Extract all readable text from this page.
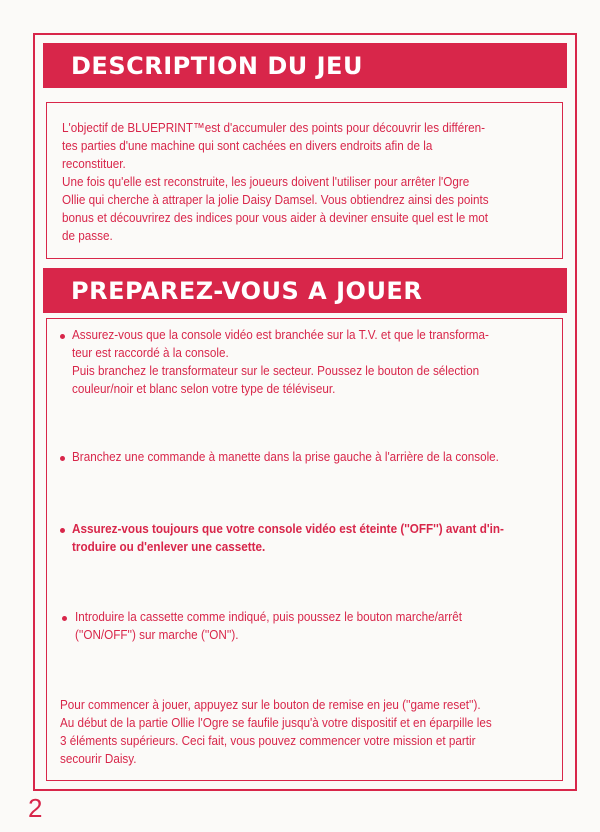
DESCRIPTION DU JEU
L'objectif de BLUEPRINT™est d'accumuler des points pour découvrir les différen-
tes parties d'une machine qui sont cachées en divers endroits afin de la
reconstituer.
Une fois qu'elle est reconstruite, les joueurs doivent l'utiliser pour arrêter l'Ogre
Ollie qui cherche à attraper la jolie Daisy Damsel. Vous obtiendrez ainsi des points
bonus et découvrirez des indices pour vous aider à deviner ensuite quel est le mot
de passe.
PREPAREZ-VOUS A JOUER
Assurez-vous que la console vidéo est branchée sur la T.V. et que le transforma-
teur est raccordé à la console.
Puis branchez le transformateur sur le secteur. Poussez le bouton de sélection
couleur/noir et blanc selon votre type de téléviseur.
Branchez une commande à manette dans la prise gauche à l'arrière de la console.
Assurez-vous toujours que votre console vidéo est éteinte (''OFF'') avant d'in-
troduire ou d'enlever une cassette.
Introduire la cassette comme indiqué, puis poussez le bouton marche/arrêt
(''ON/OFF'') sur marche (''ON'').
Pour commencer à jouer, appuyez sur le bouton de remise en jeu (''game reset'').
Au début de la partie Ollie l'Ogre se faufile jusqu'à votre dispositif et en éparpille les
3 éléments supérieurs. Ceci fait, vous pouvez commencer votre mission et partir
secourir Daisy.
2
